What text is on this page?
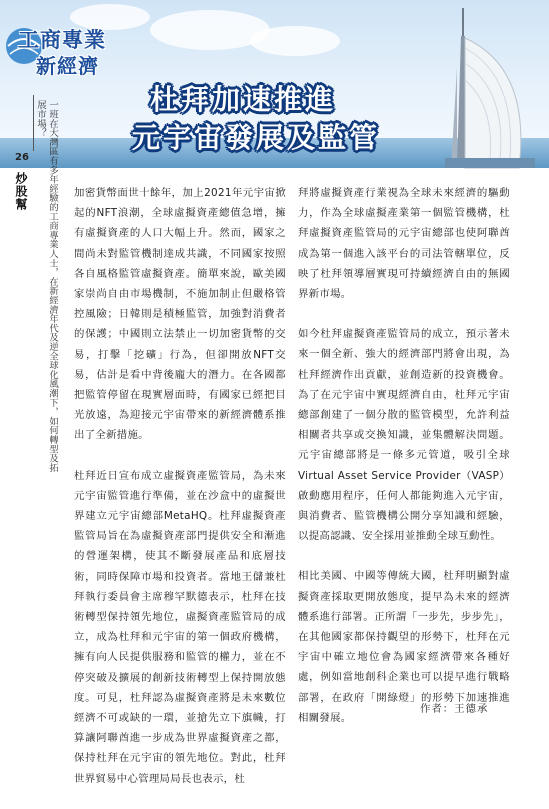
工商專業
新經濟
杜拜加速推進
元宇宙發展及監管
26
炒股幫	一班在大灣區有多年經驗的工商專業人士，在新經濟年代及逆全球化風潮下，如何轉型及拓展市場？

加密貨幣面世十餘年，加上2021年元宇宙掀起的NFT浪潮，全球虛擬資產總值急增，擁有虛擬資產的人口大幅上升。然而，國家之間尚未對監管機制達成共識，不同國家按照各自風格監管虛擬資產。簡單來說，歐美國家崇尚自由市場機制，不施加制止但嚴格管控風險；日韓則是積極監管，加強對消費者的保護；中國則立法禁止一切加密貨幣的交易，打擊「挖礦」行為，但卻開放NFT交易，估計是看中背後龐大的潛力。在各國都把監管停留在現實層面時，有國家已經把目光放遠，為迎接元宇宙帶來的新經濟體系推出了全新措施。

杜拜近日宣布成立虛擬資產監管局，為未來元宇宙監管進行準備，並在沙盒中的虛擬世界建立元宇宙總部MetaHQ。杜拜虛擬資產監管局旨在為虛擬資產部門提供安全和漸進的營運架構，使其不斷發展產品和底層技術，同時保障市場和投資者。當地王儲兼杜拜執行委員會主席穆罕默德表示，杜拜在技術轉型保持領先地位，虛擬資產監管局的成立，成為杜拜和元宇宙的第一個政府機構，擁有向人民提供服務和監管的權力，並在不停突破及擴展的創新技術轉型上保持開放態度。可見，杜拜認為虛擬資產將是未來數位經濟不可或缺的一環，並搶先立下旗幟，打算讓阿聯酋進一步成為世界虛擬資產之都，保持杜拜在元宇宙的領先地位。對此，杜拜世界貿易中心管理局局長也表示，杜

拜將虛擬資產行業視為全球未來經濟的驅動力，作為全球虛擬產業第一個監管機構，杜拜虛擬資產監管局的元宇宙總部也使阿聯酋成為第一個進入該平台的司法管轄單位，反映了杜拜領導層實現可持續經濟自由的無國界新市場。

如今杜拜虛擬資產監管局的成立，預示著未來一個全新、強大的經濟部門將會出現，為杜拜經濟作出貢獻，並創造新的投資機會。為了在元宇宙中實現經濟自由，杜拜元宇宙總部創建了一個分散的監管模型，允許利益相關者共享或交換知識，並集體解決問題。元宇宙總部將是一條多元管道，吸引全球Virtual Asset Service Provider（VASP）啟動應用程序，任何人都能夠進入元宇宙，與消費者、監管機構公開分享知識和經驗，以提高認識、安全採用並推動全球互動性。

相比美國、中國等傳統大國，杜拜明顯對虛擬資產採取更開放態度，提早為未來的經濟體系進行部署。正所謂「一步先，步步先」，在其他國家都保持觀望的形勢下，杜拜在元宇宙中確立地位會為國家經濟帶來各種好處，例如當地創科企業也可以提早進行戰略部署，在政府「開綠燈」的形勢下加速推進相關發展。

作者：王德承
